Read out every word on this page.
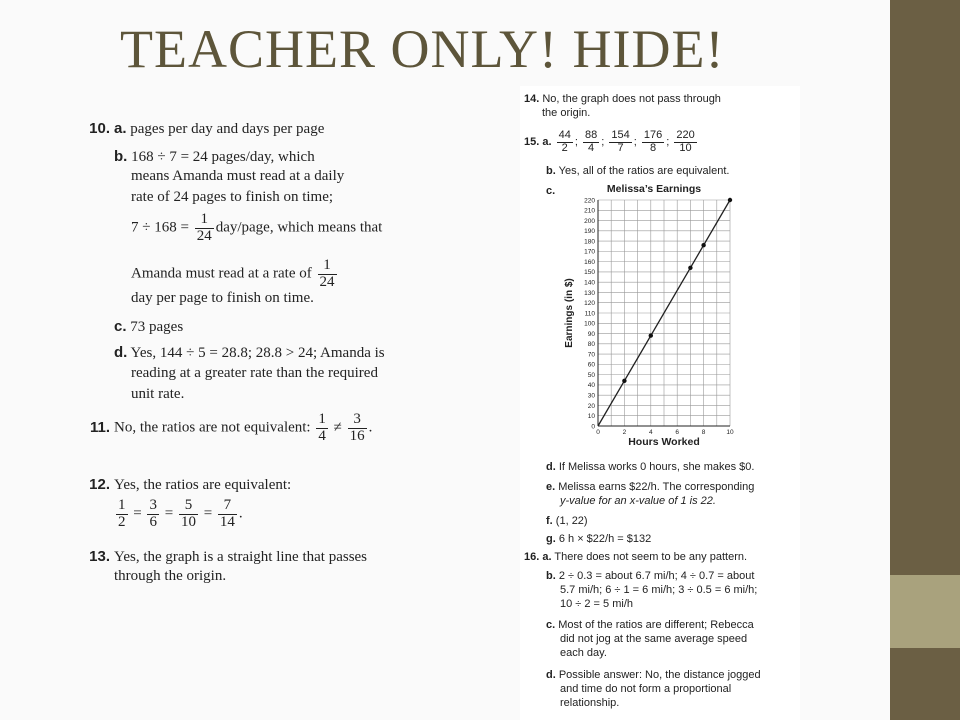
TEACHER ONLY! HIDE!
10. a. pages per day and days per page
b. 168 ÷ 7 = 24 pages/day, which
means Amanda must read at a daily
rate of 24 pages to finish on time;
$7 \div 168 = \frac{1}{24}$ day/page, which means that
Amanda must read at a rate of $\frac{1}{24}$
day per page to finish on time.
c. 73 pages
d. Yes, 144 ÷ 5 = 28.8; 28.8 > 24; Amanda is
reading at a greater rate than the required
unit rate.
11. No, the ratios are not equivalent: $\frac{1}{4} \ne \frac{3}{16}$ .
12. Yes, the ratios are equivalent:
$\frac{1}{2} = \frac{3}{6} = \frac{5}{10} = \frac{7}{14}$ .
13. Yes, the graph is a straight line that passes
through the origin.
14. No, the graph does not pass through
the origin.
15. a. $\frac{44}{2}$ ; $\frac{88}{4}$ ; $\frac{154}{7}$ ; $\frac{176}{8}$ ; $\frac{220}{10}$
b. Yes, all of the ratios are equivalent.
c.	Melissa’s Earnings
0
10
20
30
40
50
60
70
80
90
100
110
120
130
140
150
160
170
180
190
200
210
220
0	2	4	6	8	10
Hours Worked
Earnings (in $)
d. If Melissa works 0 hours, she makes $0.
e. Melissa earns $22/h. The corresponding
y-value for an x-value of 1 is 22.
f. (1, 22)
g. 6 h × $22/h = $132
16. a. There does not seem to be any pattern.
b. 2 ÷ 0.3 = about 6.7 mi/h; 4 ÷ 0.7 = about
5.7 mi/h; 6 ÷ 1 = 6 mi/h; 3 ÷ 0.5 = 6 mi/h;
10 ÷ 2 = 5 mi/h
c. Most of the ratios are different; Rebecca
did not jog at the same average speed
each day.
d. Possible answer: No, the distance jogged
and time do not form a proportional
relationship.
